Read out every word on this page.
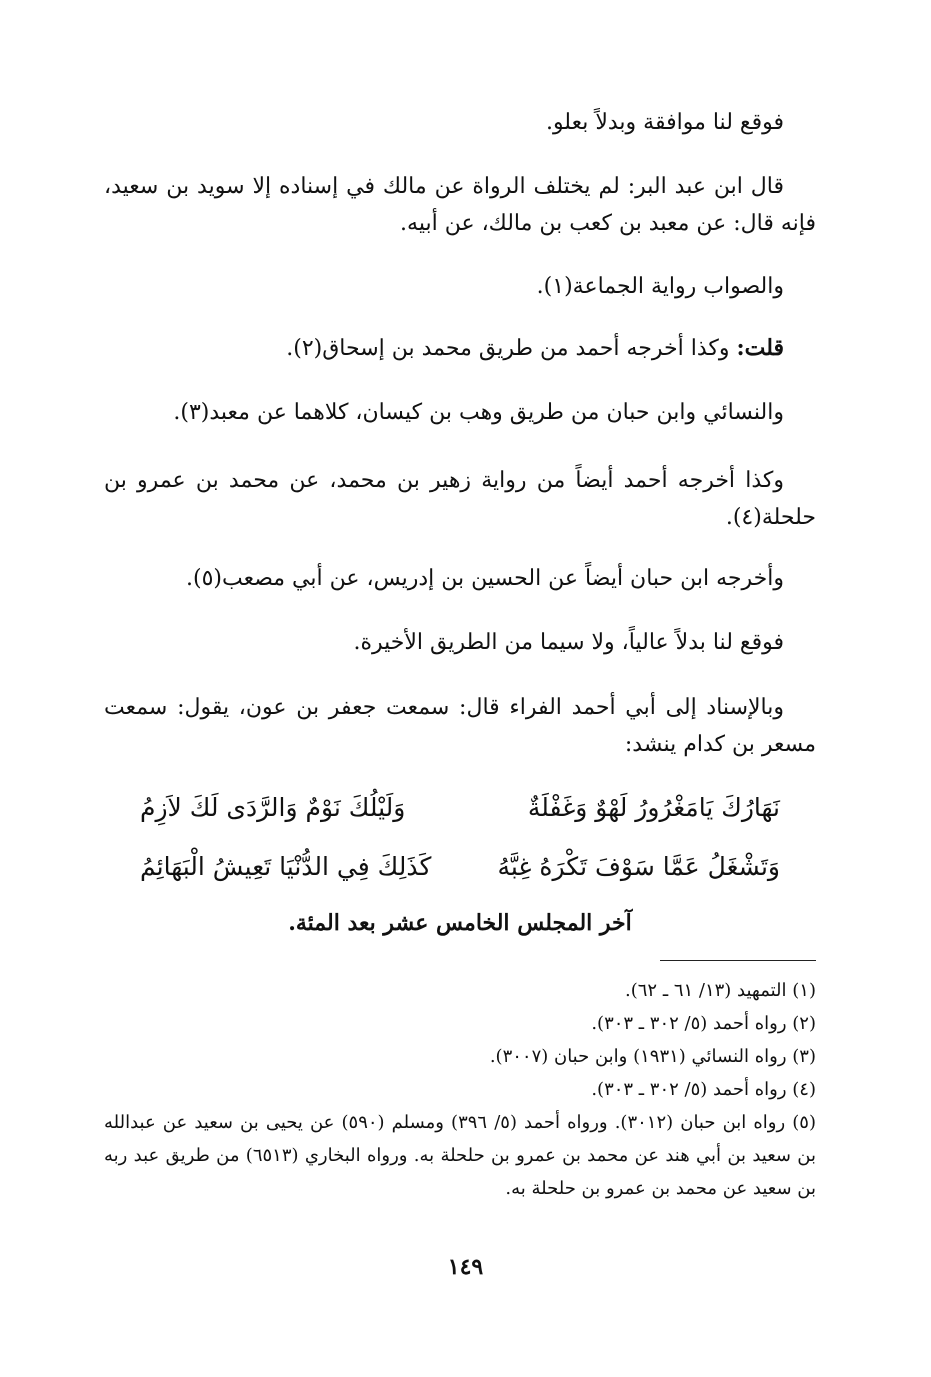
فوقع لنا موافقة وبدلاً بعلو.

قال ابن عبد البر: لم يختلف الرواة عن مالك في إسناده إلا سويد بن سعيد، فإنه قال: عن معبد بن كعب بن مالك، عن أبيه.

والصواب رواية الجماعة(١).

قلت: وكذا أخرجه أحمد من طريق محمد بن إسحاق(٢).

والنسائي وابن حبان من طريق وهب بن كيسان، كلاهما عن معبد(٣).

وكذا أخرجه أحمد أيضاً من رواية زهير بن محمد، عن محمد بن عمرو بن حلحلة(٤).

وأخرجه ابن حبان أيضاً عن الحسين بن إدريس، عن أبي مصعب(٥).

فوقع لنا بدلاً عالياً، ولا سيما من الطريق الأخيرة.

وبالإسناد إلى أبي أحمد الفراء قال: سمعت جعفر بن عون، يقول: سمعت مسعر بن كدام ينشد:

نَهَارُكَ يَامَغْرُورُ لَهْوٌ وَغَفْلَةٌ
وَلَيْلُكَ نَوْمٌ وَالرَّدَى لَكَ لاَزِمُ
وَتَشْغَلُ عَمَّا سَوْفَ تَكْرَهُ غِبَّهُ
كَذَلِكَ فِي الدُّنْيَا تَعِيشُ الْبَهَائِمُ
آخر المجلس الخامس عشر بعد المئة.

(١) التمهيد (١٣/ ٦١ ـ ٦٢).

(٢) رواه أحمد (٥/ ٣٠٢ ـ ٣٠٣).

(٣) رواه النسائي (١٩٣١) وابن حبان (٣٠٠٧).

(٤) رواه أحمد (٥/ ٣٠٢ ـ ٣٠٣).

(٥) رواه ابن حبان (٣٠١٢). ورواه أحمد (٥/ ٣٩٦) ومسلم (٥٩٠) عن يحيى بن سعيد عن عبدالله بن سعيد بن أبي هند عن محمد بن عمرو بن حلحلة به. ورواه البخاري (٦٥١٣) من طريق عبد ربه بن سعيد عن محمد بن عمرو بن حلحلة به.

١٤٩
